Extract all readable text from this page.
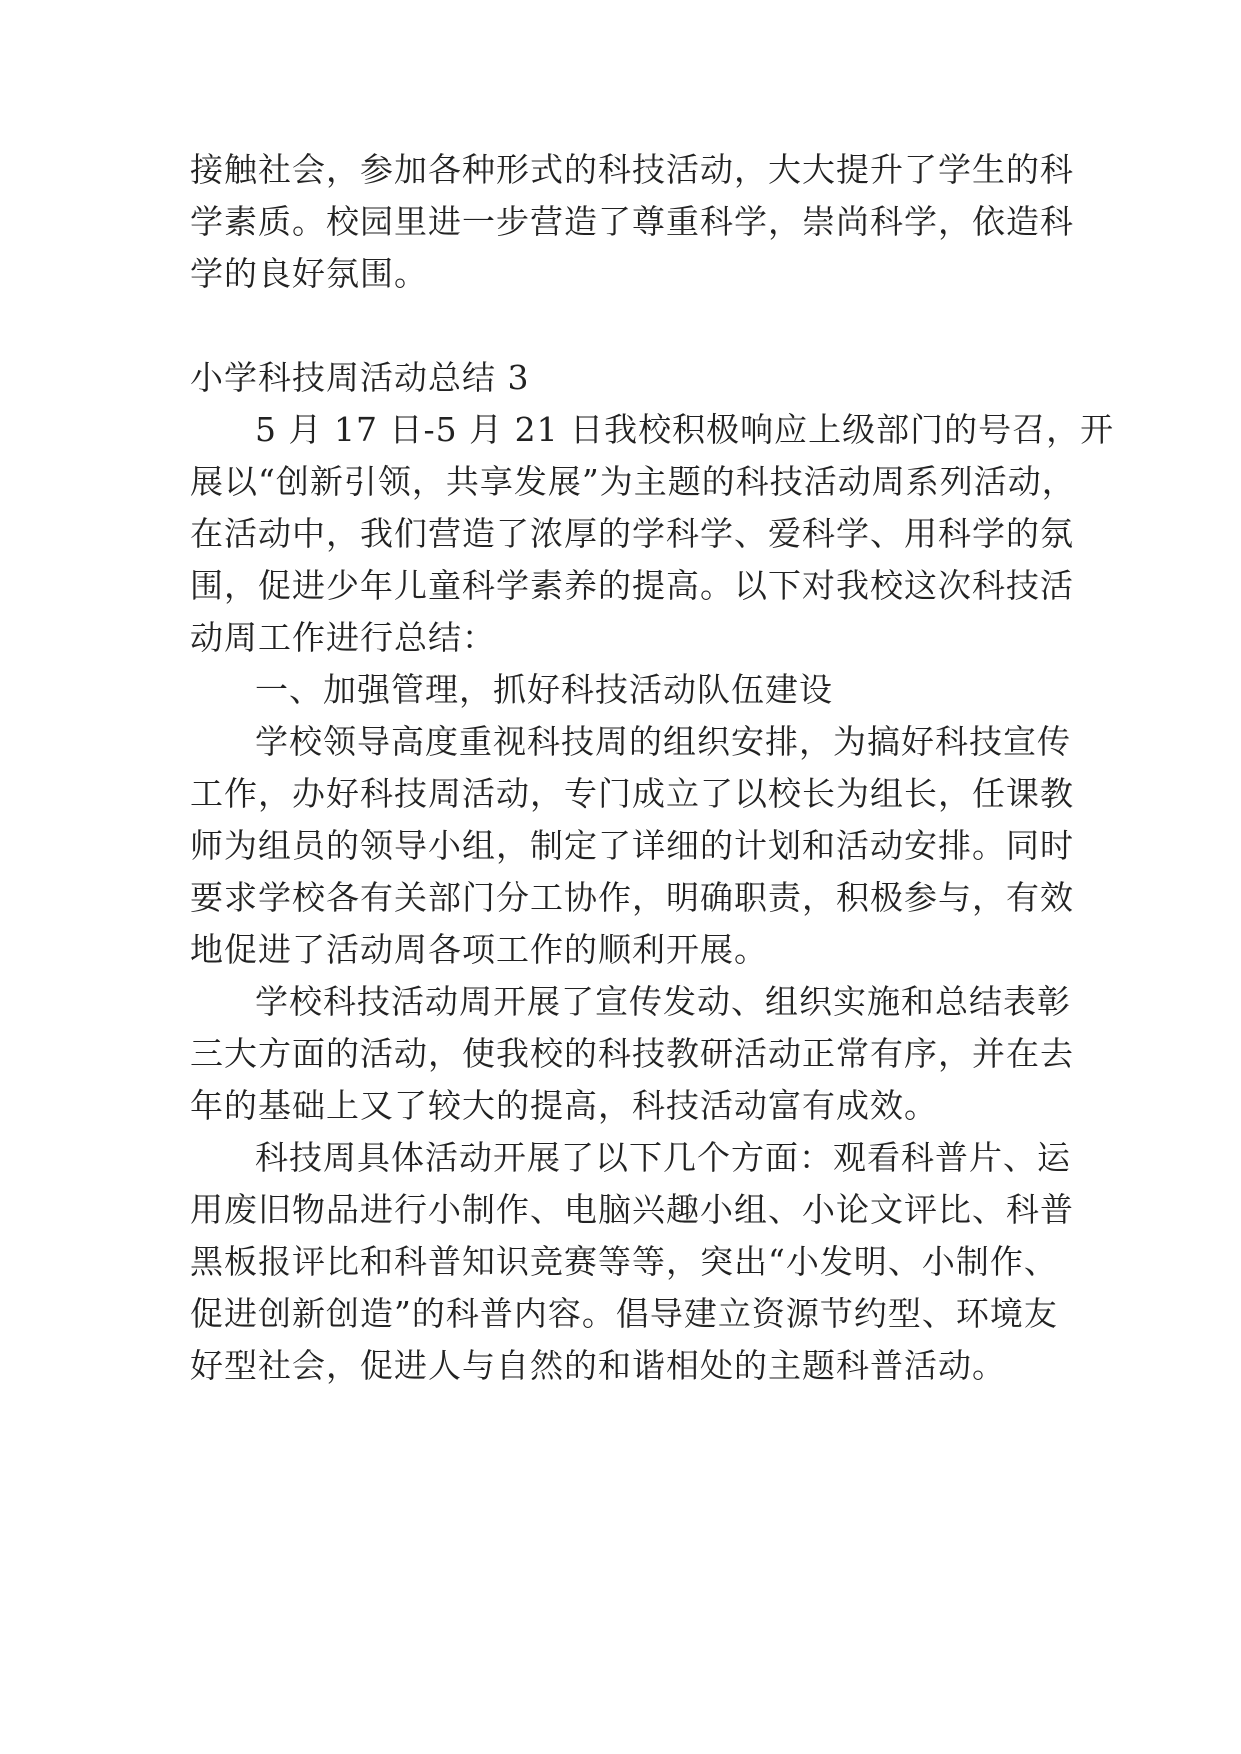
接触社会，参加各种形式的科技活动，大大提升了学生的科
学素质。校园里进一步营造了尊重科学，崇尚科学，依造科
学的良好氛围。
小学科技周活动总结 3
5 月 17 日-5 月 21 日我校积极响应上级部门的号召，开
展以“创新引领，共享发展”为主题的科技活动周系列活动，
在活动中，我们营造了浓厚的学科学、爱科学、用科学的氛
围，促进少年儿童科学素养的提高。以下对我校这次科技活
动周工作进行总结：
一、加强管理，抓好科技活动队伍建设
学校领导高度重视科技周的组织安排，为搞好科技宣传
工作，办好科技周活动，专门成立了以校长为组长，任课教
师为组员的领导小组，制定了详细的计划和活动安排。同时
要求学校各有关部门分工协作，明确职责，积极参与，有效
地促进了活动周各项工作的顺利开展。
学校科技活动周开展了宣传发动、组织实施和总结表彰
三大方面的活动，使我校的科技教研活动正常有序，并在去
年的基础上又了较大的提高，科技活动富有成效。
科技周具体活动开展了以下几个方面：观看科普片、运
用废旧物品进行小制作、电脑兴趣小组、小论文评比、科普
黑板报评比和科普知识竞赛等等，突出“小发明、小制作、
促进创新创造”的科普内容。倡导建立资源节约型、环境友
好型社会，促进人与自然的和谐相处的主题科普活动。
